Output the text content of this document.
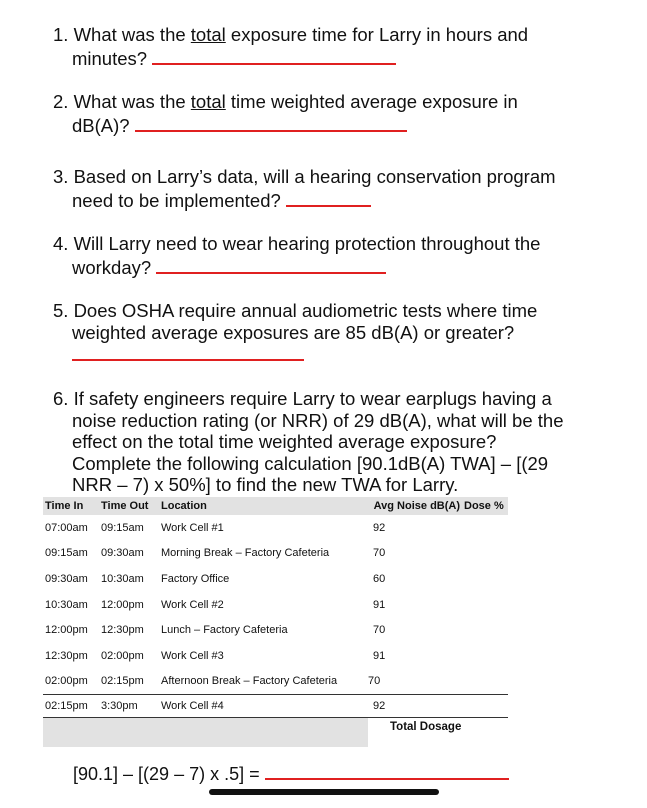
1. What was the total exposure time for Larry in hours and
minutes?
2. What was the total time weighted average exposure in
dB(A)?
3. Based on Larry’s data, will a hearing conservation program
need to be implemented?
4. Will Larry need to wear hearing protection throughout the
workday?
5. Does OSHA require annual audiometric tests where time
weighted average exposures are 85 dB(A) or greater?
6. If safety engineers require Larry to wear earplugs having a
noise reduction rating (or NRR) of 29 dB(A), what will be the
effect on the total time weighted average exposure?
Complete the following calculation [90.1dB(A) TWA] – [(29
NRR – 7) x 50%] to find the new TWA for Larry.
Time In	Time Out	Location	Avg Noise dB(A)	Dose %
07:00am	09:15am	Work Cell #1	92	
09:15am	09:30am	Morning Break – Factory Cafeteria	70	
09:30am	10:30am	Factory Office	60	
10:30am	12:00pm	Work Cell #2	91	
12:00pm	12:30pm	Lunch – Factory Cafeteria	70	
12:30pm	02:00pm	Work Cell #3	91	
02:00pm	02:15pm	Afternoon Break – Factory Cafeteria	70	
02:15pm	3:30pm	Work Cell #4	92	
			Total Dosage	
[90.1] – [(29 – 7) x .5] =
